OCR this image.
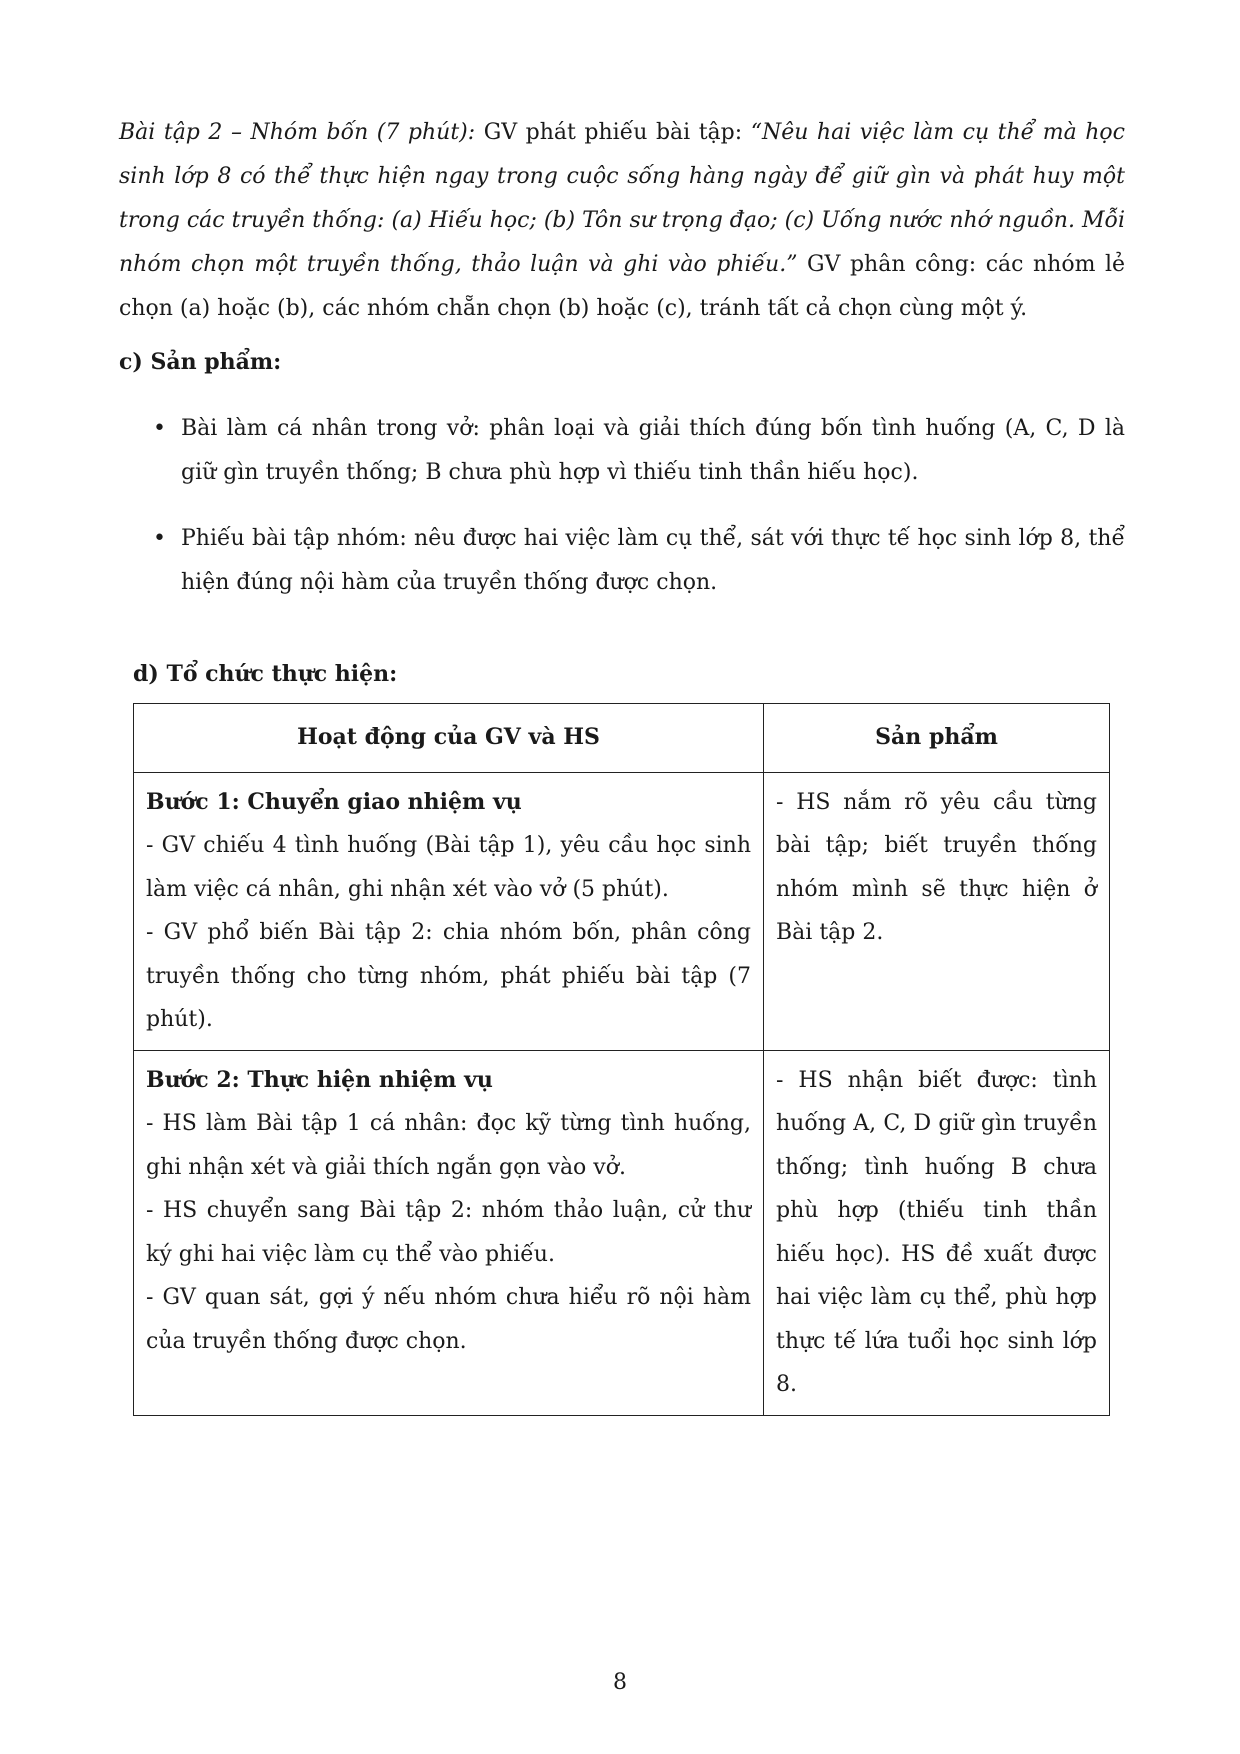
Bài tập 2 – Nhóm bốn (7 phút): GV phát phiếu bài tập: “Nêu hai việc làm cụ thể mà học sinh lớp 8 có thể thực hiện ngay trong cuộc sống hàng ngày để giữ gìn và phát huy một trong các truyền thống: (a) Hiếu học; (b) Tôn sư trọng đạo; (c) Uống nước nhớ nguồn. Mỗi nhóm chọn một truyền thống, thảo luận và ghi vào phiếu.” GV phân công: các nhóm lẻ chọn (a) hoặc (b), các nhóm chẵn chọn (b) hoặc (c), tránh tất cả chọn cùng một ý.

c) Sản phẩm:
• Bài làm cá nhân trong vở: phân loại và giải thích đúng bốn tình huống (A, C, D là giữ gìn truyền thống; B chưa phù hợp vì thiếu tinh thần hiếu học).
• Phiếu bài tập nhóm: nêu được hai việc làm cụ thể, sát với thực tế học sinh lớp 8, thể hiện đúng nội hàm của truyền thống được chọn.
d) Tổ chức thực hiện:
Hoạt động của GV và HS	Sản phẩm

Bước 1: Chuyển giao nhiệm vụ
- GV chiếu 4 tình huống (Bài tập 1), yêu cầu học sinh làm việc cá nhân, ghi nhận xét vào vở (5 phút).
- GV phổ biến Bài tập 2: chia nhóm bốn, phân công truyền thống cho từng nhóm, phát phiếu bài tập (7 phút).	- HS nắm rõ yêu cầu từng bài tập; biết truyền thống nhóm mình sẽ thực hiện ở Bài tập 2.

Bước 2: Thực hiện nhiệm vụ
- HS làm Bài tập 1 cá nhân: đọc kỹ từng tình huống, ghi nhận xét và giải thích ngắn gọn vào vở.
- HS chuyển sang Bài tập 2: nhóm thảo luận, cử thư ký ghi hai việc làm cụ thể vào phiếu.
- GV quan sát, gợi ý nếu nhóm chưa hiểu rõ nội hàm của truyền thống được chọn.	- HS nhận biết được: tình huống A, C, D giữ gìn truyền thống; tình huống B chưa phù hợp (thiếu tinh thần hiếu học). HS đề xuất được hai việc làm cụ thể, phù hợp thực tế lứa tuổi học sinh lớp 8.
8
